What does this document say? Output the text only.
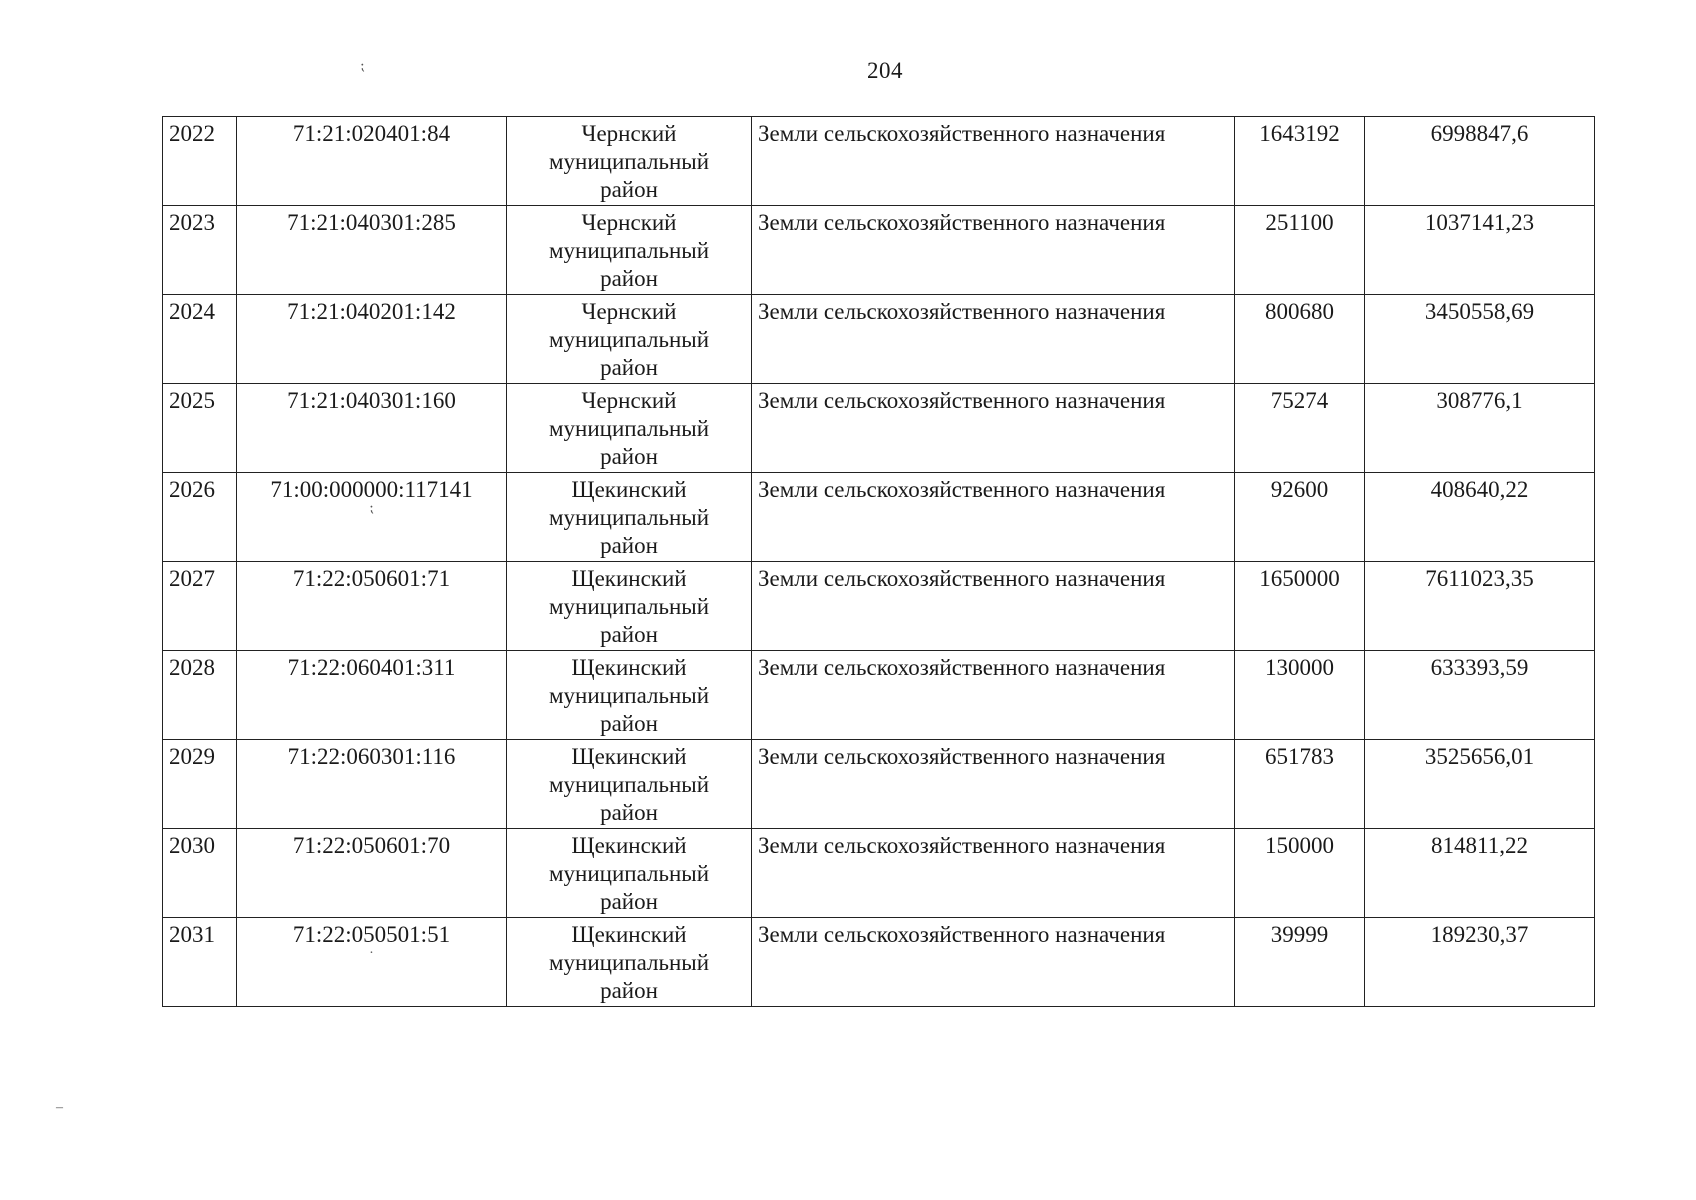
204
⁏
‒
2022	71:21:020401:84	Чернский
муниципальный
район	Земли сельскохозяйственного назначения	1643192	6998847,6
2023	71:21:040301:285	Чернский
муниципальный
район	Земли сельскохозяйственного назначения	251100	1037141,23
2024	71:21:040201:142	Чернский
муниципальный
район	Земли сельскохозяйственного назначения	800680	3450558,69
2025	71:21:040301:160	Чернский
муниципальный
район	Земли сельскохозяйственного назначения	75274	308776,1
2026	71:00:000000:117141
⁏	Щекинский
муниципальный
район	Земли сельскохозяйственного назначения	92600	408640,22
2027	71:22:050601:71	Щекинский
муниципальный
район	Земли сельскохозяйственного назначения	1650000	7611023,35
2028	71:22:060401:311	Щекинский
муниципальный
район	Земли сельскохозяйственного назначения	130000	633393,59
2029	71:22:060301:116	Щекинский
муниципальный
район	Земли сельскохозяйственного назначения	651783	3525656,01
2030	71:22:050601:70	Щекинский
муниципальный
район	Земли сельскохозяйственного назначения	150000	814811,22
2031	71:22:050501:51
·	Щекинский
муниципальный
район	Земли сельскохозяйственного назначения	39999	189230,37
